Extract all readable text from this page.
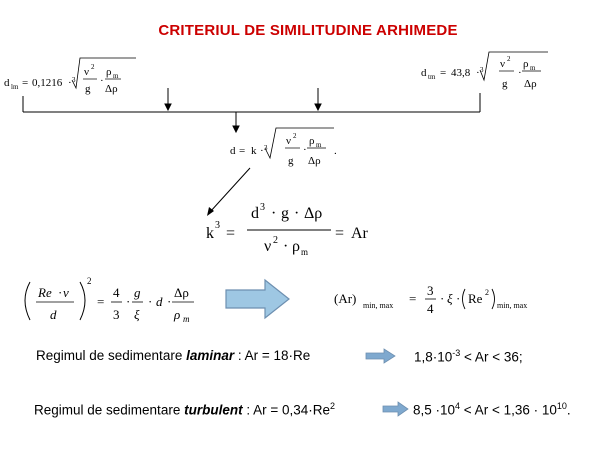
CRITERIUL DE SIMILITUDINE ARHIMEDE
d lm = 0,1216 · 3
ν 2
g
·
ρ m
Δρ
d tm = 43,8 · 3 ν 2
g
·
ρ m
Δρ
d = k · 3
ν 2
g
·
ρ m
Δρ
.
k 3 =
d 3 · g · Δρ
ν 2 · ρ m
= Ar
Re · ν
d
2
=
4
3
·
g
ξ
· d ·
Δρ
ρ m
(Ar) min, max =
3
4
· ξ · Re 2
min, max
Regimul de sedimentare laminar : Ar = 18·Re	$1,8\cdot 10^{-3} < Ar < 36$;
Regimul de sedimentare turbulent : $Ar = 0,34\cdot Re^2$	$8,5 \cdot 10^4 < Ar < 1,36 \cdot 10^{10}$.
